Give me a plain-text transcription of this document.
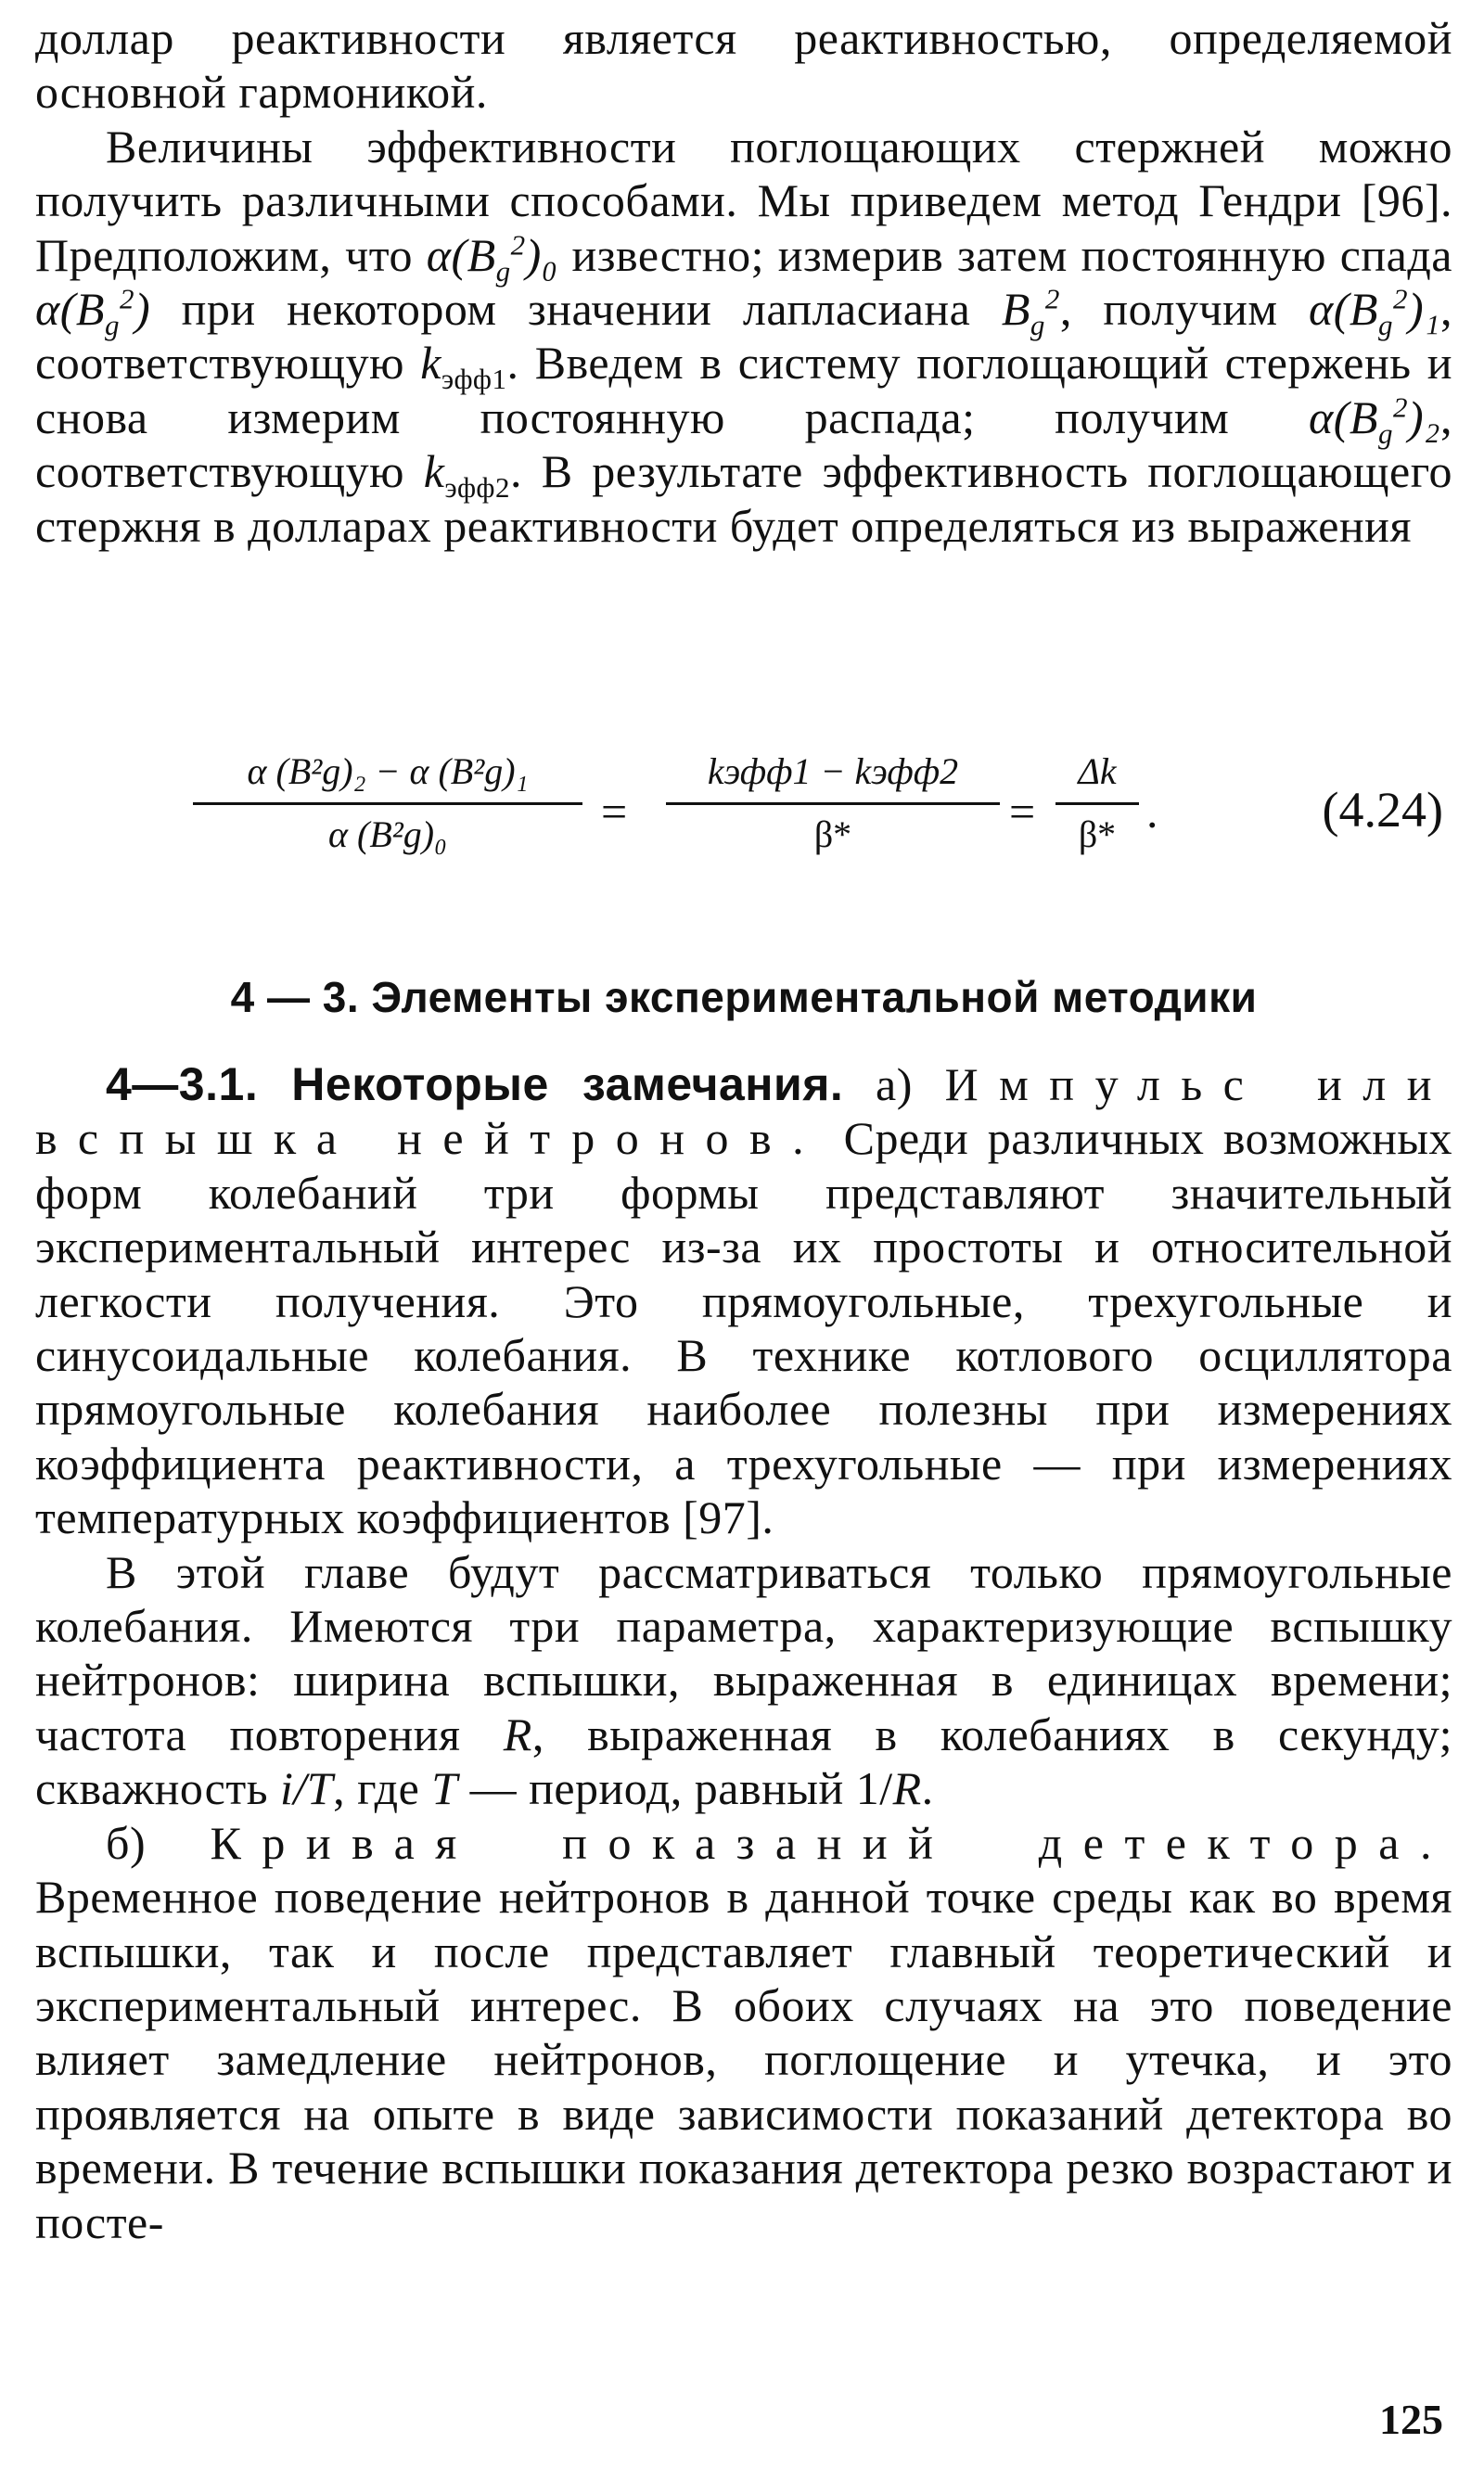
доллар реактивности является реактивностью, определяемой основной гармоникой.

Величины эффективности поглощающих стержней можно получить различными способами. Мы приведем метод Гендри [96]. Предположим, что $\alpha(B_g^2)_0$ известно; измерив затем постоянную спада $\alpha(B_g^2)$ при некотором значении лапласиана $B_g^2$, получим $\alpha(B_g^2)_1$, соответствующую $k_{эфф1}$. Введем в систему поглощающий стержень и снова измерим постоянную распада; получим $\alpha(B_g^2)_2$, соответствующую $k_{эфф2}$. В результате эффективность поглощающего стержня в долларах реактивности будет определяться из выражения

α (B²g)₂ − α (B²g)₁
α (B²g)₀	=
kэфф1 − kэфф2
β*	=
Δk
β* .	(4.24)
4 — 3. Элементы экспериментальной методики

4—3.1. Некоторые замечания. а) Импульс или вспышка нейтронов. Среди различных возможных форм колебаний три формы представляют значительный экспериментальный интерес из-за их простоты и относительной легкости получения. Это прямоугольные, трехугольные и синусоидальные колебания. В технике котлового осциллятора прямоугольные колебания наиболее полезны при измерениях коэффициента реактивности, а трехугольные — при измерениях температурных коэффициентов [97].

В этой главе будут рассматриваться только прямоугольные колебания. Имеются три параметра, характеризующие вспышку нейтронов: ширина вспышки, выраженная в единицах времени; частота повторения R, выраженная в колебаниях в секунду; скважность i/T, где T — период, равный 1/R.

б) Кривая показаний детектора. Временное поведение нейтронов в данной точке среды как во время вспышки, так и после представляет главный теоретический и экспериментальный интерес. В обоих случаях на это поведение влияет замедление нейтронов, поглощение и утечка, и это проявляется на опыте в виде зависимости показаний детектора во времени. В течение вспышки показания детектора резко возрастают и посте-

125
